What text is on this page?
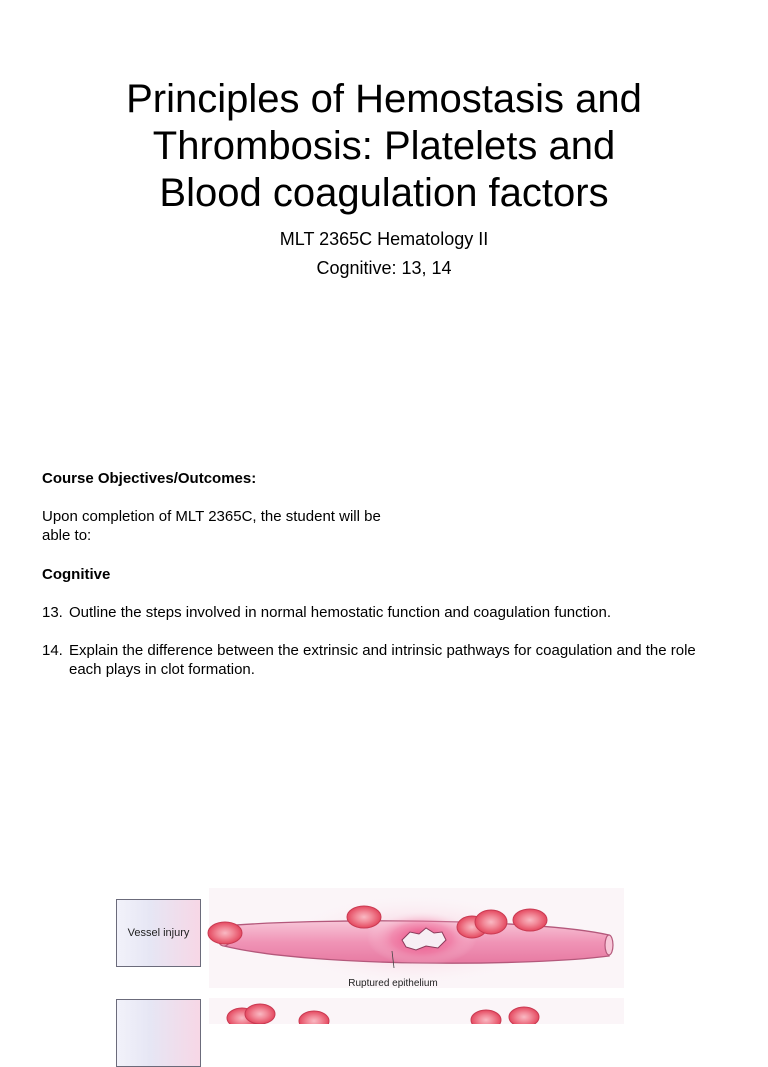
Principles of Hemostasis and
Thrombosis: Platelets and
Blood coagulation factors
MLT 2365C Hematology II
Cognitive: 13, 14
Course Objectives/Outcomes:
Upon completion of MLT 2365C, the student will be
able to:
Cognitive
13. Outline the steps involved in normal hemostatic function and coagulation function.
14. Explain the difference between the extrinsic and intrinsic pathways for coagulation and the role each plays in clot formation.
Ruptured epithelium
Vessel injury
